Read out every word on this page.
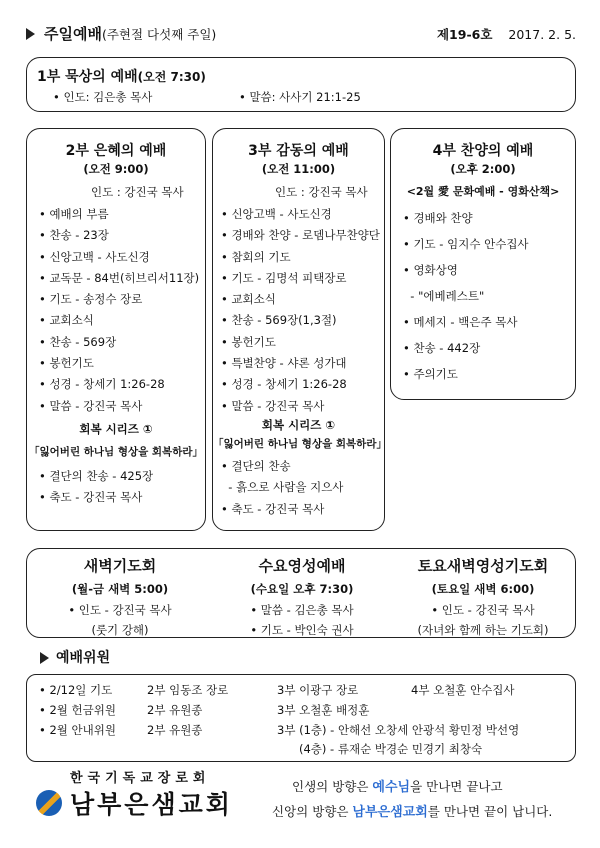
주일예배(주현절 다섯째 주일)	제19-6호 2017. 2. 5.
1부 묵상의 예배(오전 7:30)
• 인도: 김은총 목사	• 말씀: 사사기 21:1-25
2부 은혜의 예배
(오전 9:00)
인도 : 강진국 목사
• 예배의 부름
• 찬송 - 23장
• 신앙고백 - 사도신경
• 교독문 - 84번(히브리서11장)
• 기도 - 송정수 장로
• 교회소식
• 찬송 - 569장
• 봉헌기도
• 성경 - 창세기 1:26-28
• 말씀 - 강진국 목사
회복 시리즈 ①
「잃어버린 하나님 형상을 회복하라」
• 결단의 찬송 - 425장
• 축도 - 강진국 목사
3부 감동의 예배
(오전 11:00)
인도 : 강진국 목사
• 신앙고백 - 사도신경
• 경배와 찬양 - 로뎀나무찬양단
• 참회의 기도
• 기도 - 김명석 피택장로
• 교회소식
• 찬송 - 569장(1,3절)
• 봉헌기도
• 특별찬양 - 샤론 성가대
• 성경 - 창세기 1:26-28
• 말씀 - 강진국 목사
회복 시리즈 ①
「잃어버린 하나님 형상을 회복하라」
• 결단의 찬송
- 흙으로 사람을 지으사
• 축도 - 강진국 목사
4부 찬양의 예배
(오후 2:00)
<2월 愛 문화예배 - 영화산책>
• 경배와 찬양
• 기도 - 임지수 안수집사
• 영화상영
- "에베레스트"
• 메세지 - 백은주 목사
• 찬송 - 442장
• 주의기도
새벽기도회
(월-금 새벽 5:00)
• 인도 - 강진국 목사
(룻기 강해)
수요영성예배
(수요일 오후 7:30)
• 말씀 - 김은총 목사
• 기도 - 박인숙 권사
토요새벽영성기도회
(토요일 새벽 6:00)
• 인도 - 강진국 목사
(자녀와 함께 하는 기도회)
예배위원
• 2/12일 기도	2부 임동조 장로	3부 이광구 장로	4부 오철훈 안수집사
• 2월 헌금위원	2부 유원종	3부 오철훈 배정훈
• 2월 안내위원	2부 유원종	3부 (1층) - 안해선 오창세 안광석 황민정 박선영
(4층) - 류재순 박경순 민경기 최창숙
한국기독교장로회
남부은샘교회
인생의 방향은 예수님을 만나면 끝나고
신앙의 방향은 남부은샘교회를 만나면 끝이 납니다.
